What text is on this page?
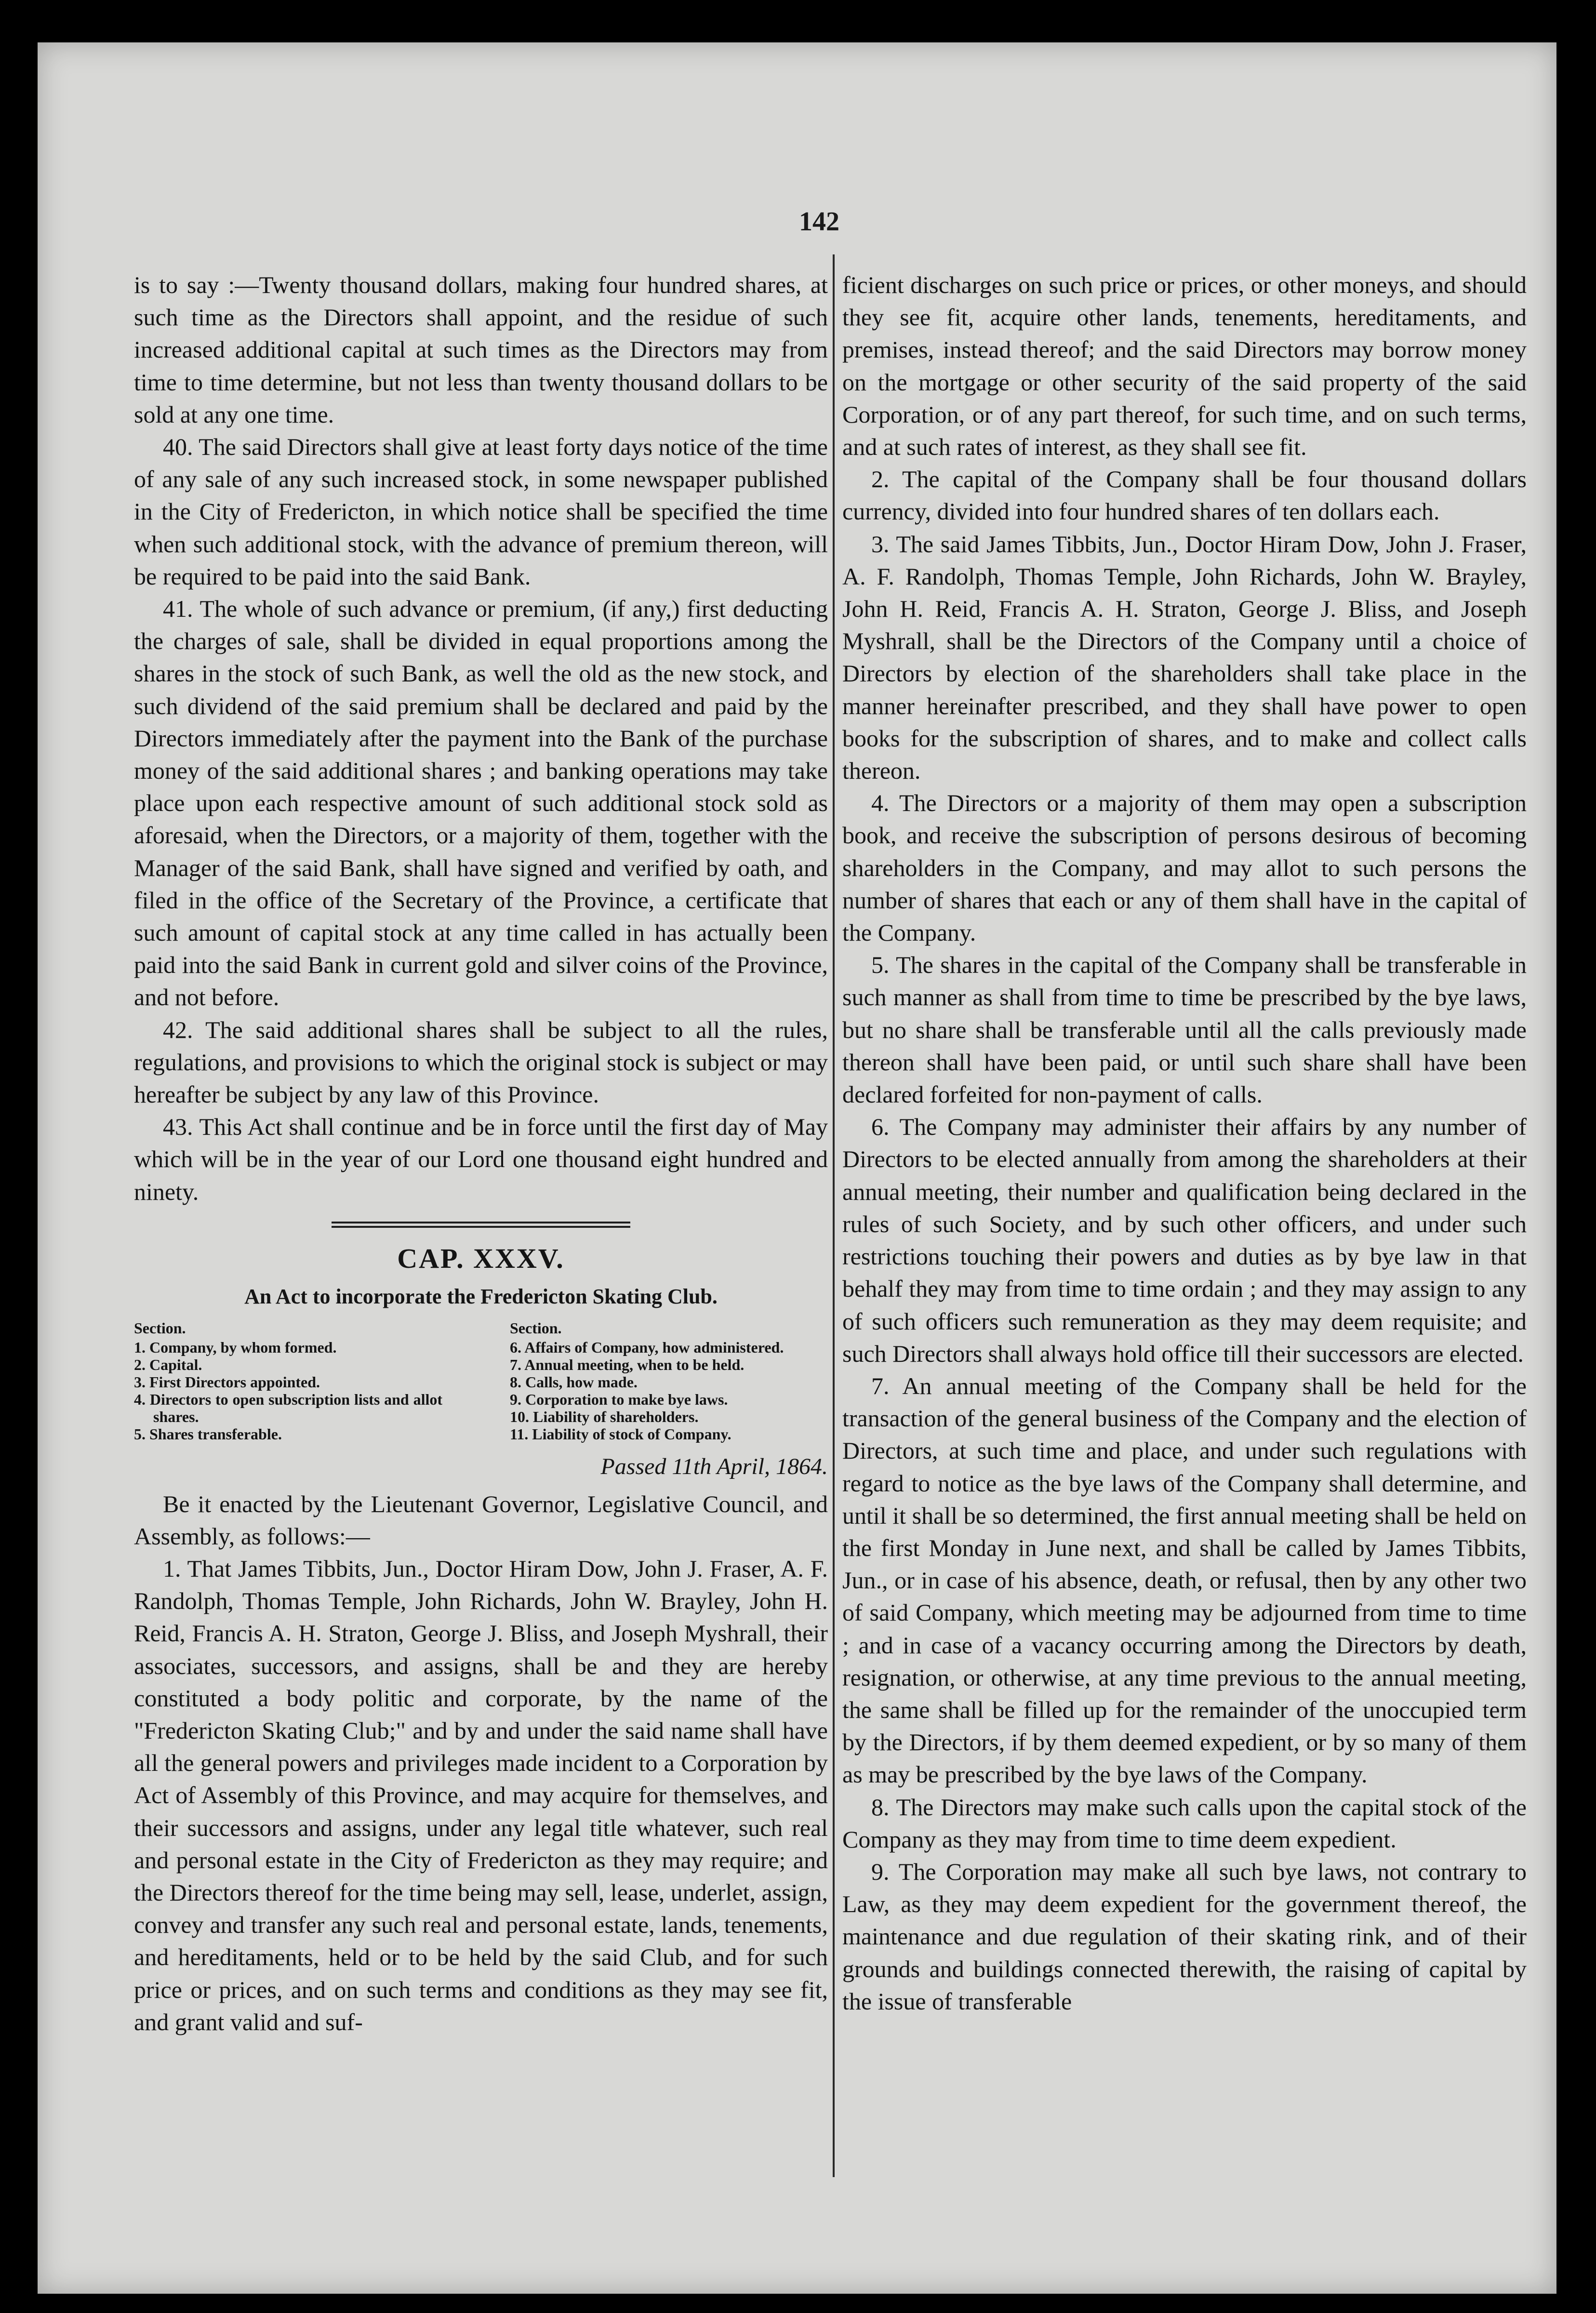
142

is to say :—Twenty thousand dollars, making four hundred shares, at such time as the Directors shall appoint, and the residue of such increased additional capital at such times as the Directors may from time to time determine, but not less than twenty thousand dollars to be sold at any one time.

40. The said Directors shall give at least forty days notice of the time of any sale of any such increased stock, in some newspaper published in the City of Fredericton, in which notice shall be specified the time when such additional stock, with the advance of premium thereon, will be required to be paid into the said Bank.

41. The whole of such advance or premium, (if any,) first deducting the charges of sale, shall be divided in equal proportions among the shares in the stock of such Bank, as well the old as the new stock, and such dividend of the said premium shall be declared and paid by the Directors immediately after the payment into the Bank of the purchase money of the said additional shares ; and banking operations may take place upon each respective amount of such additional stock sold as aforesaid, when the Directors, or a majority of them, together with the Manager of the said Bank, shall have signed and verified by oath, and filed in the office of the Secretary of the Province, a certificate that such amount of capital stock at any time called in has actually been paid into the said Bank in current gold and silver coins of the Province, and not before.

42. The said additional shares shall be subject to all the rules, regulations, and provisions to which the original stock is subject or may hereafter be subject by any law of this Province.

43. This Act shall continue and be in force until the first day of May which will be in the year of our Lord one thousand eight hundred and ninety.

CAP. XXXV.
An Act to incorporate the Fredericton Skating Club.
Section.

1. Company, by whom formed.

2. Capital.

3. First Directors appointed.

4. Directors to open subscription lists and allot shares.

5. Shares transferable.

Section.

6. Affairs of Company, how administered.

7. Annual meeting, when to be held.

8. Calls, how made.

9. Corporation to make bye laws.

10. Liability of shareholders.

11. Liability of stock of Company.

Passed 11th April, 1864.

Be it enacted by the Lieutenant Governor, Legislative Council, and Assembly, as follows:—

1. That James Tibbits, Jun., Doctor Hiram Dow, John J. Fraser, A. F. Randolph, Thomas Temple, John Richards, John W. Brayley, John H. Reid, Francis A. H. Straton, George J. Bliss, and Joseph Myshrall, their associates, successors, and assigns, shall be and they are hereby constituted a body politic and corporate, by the name of the "Fredericton Skating Club;" and by and under the said name shall have all the general powers and privileges made incident to a Corporation by Act of Assembly of this Province, and may acquire for themselves, and their successors and assigns, under any legal title whatever, such real and personal estate in the City of Fredericton as they may require; and the Directors thereof for the time being may sell, lease, underlet, assign, convey and transfer any such real and personal estate, lands, tenements, and hereditaments, held or to be held by the said Club, and for such price or prices, and on such terms and conditions as they may see fit, and grant valid and suf-

ficient discharges on such price or prices, or other moneys, and should they see fit, acquire other lands, tenements, hereditaments, and premises, instead thereof; and the said Directors may borrow money on the mortgage or other security of the said property of the said Corporation, or of any part thereof, for such time, and on such terms, and at such rates of interest, as they shall see fit.

2. The capital of the Company shall be four thousand dollars currency, divided into four hundred shares of ten dollars each.

3. The said James Tibbits, Jun., Doctor Hiram Dow, John J. Fraser, A. F. Randolph, Thomas Temple, John Richards, John W. Brayley, John H. Reid, Francis A. H. Straton, George J. Bliss, and Joseph Myshrall, shall be the Directors of the Company until a choice of Directors by election of the shareholders shall take place in the manner hereinafter prescribed, and they shall have power to open books for the subscription of shares, and to make and collect calls thereon.

4. The Directors or a majority of them may open a subscription book, and receive the subscription of persons desirous of becoming shareholders in the Company, and may allot to such persons the number of shares that each or any of them shall have in the capital of the Company.

5. The shares in the capital of the Company shall be transferable in such manner as shall from time to time be prescribed by the bye laws, but no share shall be transferable until all the calls previously made thereon shall have been paid, or until such share shall have been declared forfeited for non-payment of calls.

6. The Company may administer their affairs by any number of Directors to be elected annually from among the shareholders at their annual meeting, their number and qualification being declared in the rules of such Society, and by such other officers, and under such restrictions touching their powers and duties as by bye law in that behalf they may from time to time ordain ; and they may assign to any of such officers such remuneration as they may deem requisite; and such Directors shall always hold office till their successors are elected.

7. An annual meeting of the Company shall be held for the transaction of the general business of the Company and the election of Directors, at such time and place, and under such regulations with regard to notice as the bye laws of the Company shall determine, and until it shall be so determined, the first annual meeting shall be held on the first Monday in June next, and shall be called by James Tibbits, Jun., or in case of his absence, death, or refusal, then by any other two of said Company, which meeting may be adjourned from time to time ; and in case of a vacancy occurring among the Directors by death, resignation, or otherwise, at any time previous to the annual meeting, the same shall be filled up for the remainder of the unoccupied term by the Directors, if by them deemed expedient, or by so many of them as may be prescribed by the bye laws of the Company.

8. The Directors may make such calls upon the capital stock of the Company as they may from time to time deem expedient.

9. The Corporation may make all such bye laws, not contrary to Law, as they may deem expedient for the government thereof, the maintenance and due regulation of their skating rink, and of their grounds and buildings connected therewith, the raising of capital by the issue of transferable
